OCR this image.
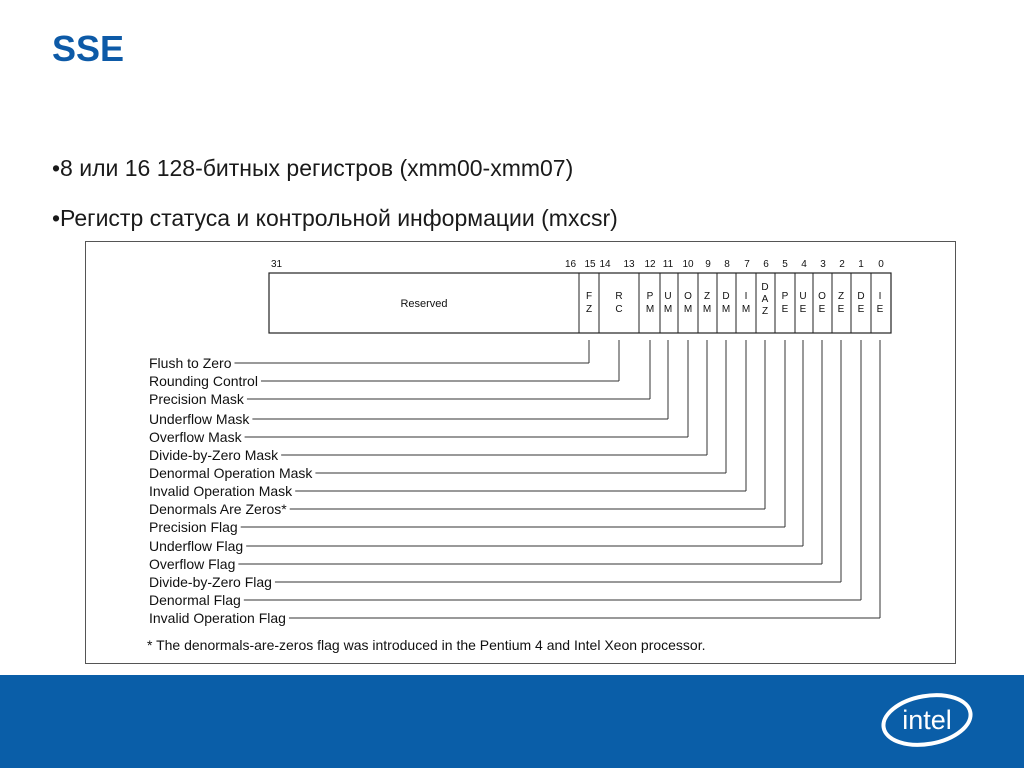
SSE
•8 или 16 128-битных регистров (xmm00-xmm07)
•Регистр статуса и контрольной информации (mxcsr)
31	16
Reserved
15
F
Z
Flush to Zero
14 13
R
C
Rounding Control
12
P
M
Precision Mask
11
U
M
Underflow Mask
10
O
M
Overflow Mask
9
Z
M
Divide-by-Zero Mask
8
D
M
Denormal Operation Mask
7
I
M
Invalid Operation Mask
6
D
A
Z
Denormals Are Zeros*
5
P
E
Precision Flag
4
U
E
Underflow Flag
3
O
E
Overflow Flag
2
Z
E
Divide-by-Zero Flag
1
D
E
Denormal Flag
0
I
E
Invalid Operation Flag
* The denormals-are-zeros flag was introduced in the Pentium 4 and Intel Xeon processor.
intel
